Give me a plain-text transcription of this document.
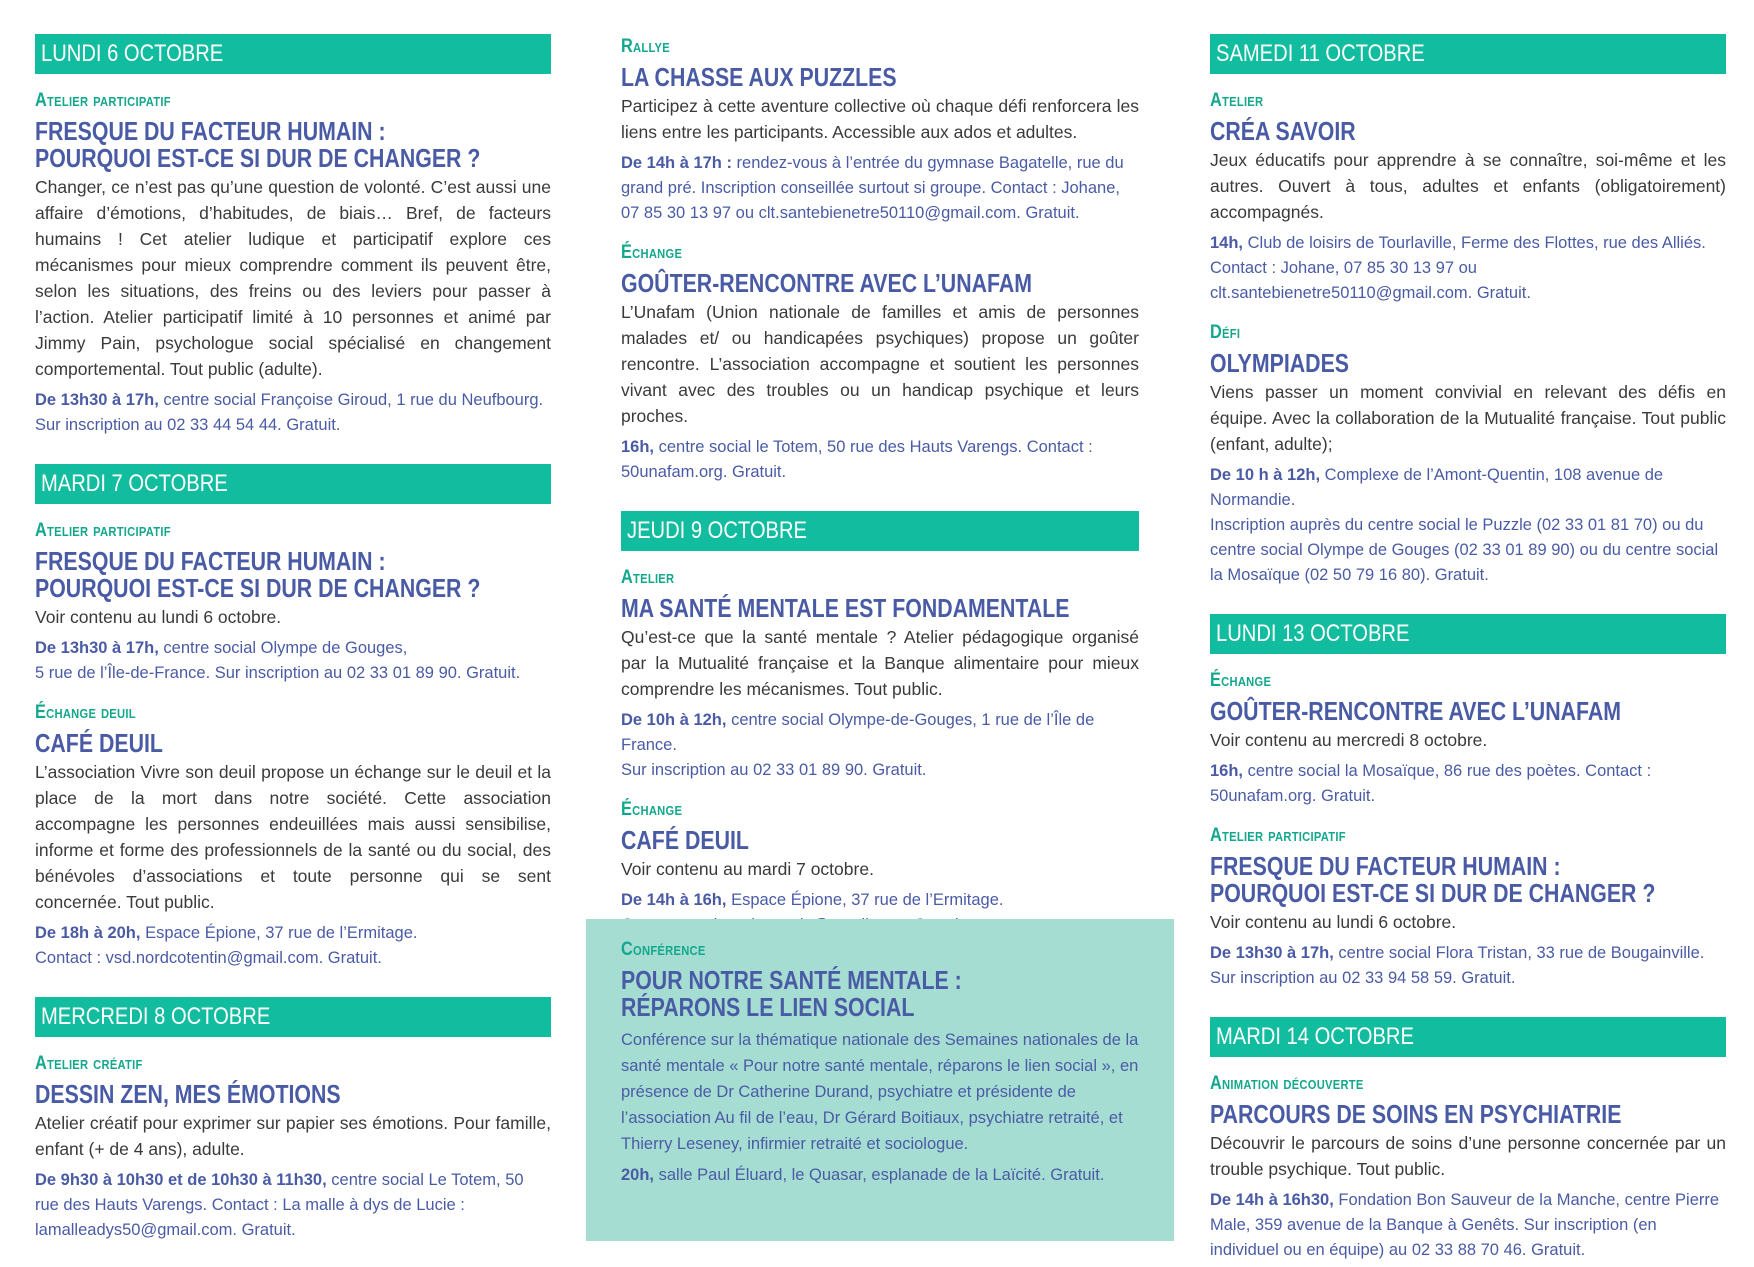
LUNDI 6 OCTOBRE
Atelier participatif
FRESQUE DU FACTEUR HUMAIN :
POURQUOI EST-CE SI DUR DE CHANGER ?

Changer, ce n’est pas qu’une question de volonté. C’est aussi une affaire d’émotions, d’habitudes, de biais… Bref, de facteurs humains ! Cet atelier ludique et participatif explore ces mécanismes pour mieux comprendre comment ils peuvent être, selon les situations, des freins ou des leviers pour passer à l’action. Atelier participatif limité à 10 personnes et animé par Jimmy Pain, psychologue social spécialisé en changement comportemental. Tout public (adulte).

De 13h30 à 17h, centre social Françoise Giroud, 1 rue du Neufbourg.
Sur inscription au 02 33 44 54 44. Gratuit.
MARDI 7 OCTOBRE
Atelier participatif
FRESQUE DU FACTEUR HUMAIN :
POURQUOI EST-CE SI DUR DE CHANGER ?

Voir contenu au lundi 6 octobre.

De 13h30 à 17h, centre social Olympe de Gouges,
5 rue de l’Île-de-France. Sur inscription au 02 33 01 89 90. Gratuit.
Échange deuil
CAFÉ DEUIL

L’association Vivre son deuil propose un échange sur le deuil et la place de la mort dans notre société. Cette association accompagne les personnes endeuillées mais aussi sensibilise, informe et forme des professionnels de la santé ou du social, des bénévoles d’associations et toute personne qui se sent concernée. Tout public.

De 18h à 20h, Espace Épione, 37 rue de l’Ermitage.
Contact : vsd.nordcotentin@gmail.com. Gratuit.
MERCREDI 8 OCTOBRE
Atelier créatif
DESSIN ZEN, MES ÉMOTIONS

Atelier créatif pour exprimer sur papier ses émotions. Pour famille, enfant (+ de 4 ans), adulte.

De 9h30 à 10h30 et de 10h30 à 11h30, centre social Le Totem, 50 rue des Hauts Varengs. Contact : La malle à dys de Lucie : lamalleadys50@gmail.com. Gratuit.
Rallye
LA CHASSE AUX PUZZLES

Participez à cette aventure collective où chaque défi renforcera les liens entre les participants. Accessible aux ados et adultes.

De 14h à 17h : rendez-vous à l’entrée du gymnase Bagatelle, rue du grand pré. Inscription conseillée surtout si groupe. Contact : Johane, 07 85 30 13 97 ou clt.santebienetre50110@gmail.com. Gratuit.
Échange
GOÛTER-RENCONTRE AVEC L’UNAFAM

L’Unafam (Union nationale de familles et amis de personnes malades et/ ou handicapées psychiques) propose un goûter rencontre. L’association accompagne et soutient les personnes vivant avec des troubles ou un handicap psychique et leurs proches.

16h, centre social le Totem, 50 rue des Hauts Varengs. Contact : 50unafam.org. Gratuit.
JEUDI 9 OCTOBRE
Atelier
MA SANTÉ MENTALE EST FONDAMENTALE

Qu’est-ce que la santé mentale ? Atelier pédagogique organisé par la Mutualité française et la Banque alimentaire pour mieux comprendre les mécanismes. Tout public.

De 10h à 12h, centre social Olympe-de-Gouges, 1 rue de l’Île de France.
Sur inscription au 02 33 01 89 90. Gratuit.
Échange
CAFÉ DEUIL

Voir contenu au mardi 7 octobre.

De 14h à 16h, Espace Épione, 37 rue de l’Ermitage.

Conférence
POUR NOTRE SANTÉ MENTALE :
RÉPARONS LE LIEN SOCIAL
Conférence sur la thématique nationale des Semaines nationales de la santé mentale « Pour notre santé mentale, réparons le lien social », en présence de Dr Catherine Durand, psychiatre et présidente de l’association Au fil de l’eau, Dr Gérard Boitiaux, psychiatre retraité, et Thierry Leseney, infirmier retraité et sociologue.
20h, salle Paul Éluard, le Quasar, esplanade de la Laïcité. Gratuit.
SAMEDI 11 OCTOBRE
Atelier
CRÉA SAVOIR

Jeux éducatifs pour apprendre à se connaître, soi-même et les autres. Ouvert à tous, adultes et enfants (obligatoirement) accompagnés.

14h, Club de loisirs de Tourlaville, Ferme des Flottes, rue des Alliés.
Contact : Johane, 07 85 30 13 97 ou clt.santebienetre50110@gmail.com. Gratuit.
Défi
OLYMPIADES

Viens passer un moment convivial en relevant des défis en équipe. Avec la collaboration de la Mutualité française. Tout public (enfant, adulte);

De 10 h à 12h, Complexe de l’Amont-Quentin, 108 avenue de Normandie.
Inscription auprès du centre social le Puzzle (02 33 01 81 70) ou du centre social Olympe de Gouges (02 33 01 89 90) ou du centre social la Mosaïque (02 50 79 16 80). Gratuit.
LUNDI 13 OCTOBRE
Échange
GOÛTER-RENCONTRE AVEC L’UNAFAM

Voir contenu au mercredi 8 octobre.

16h, centre social la Mosaïque, 86 rue des poètes. Contact : 50unafam.org. Gratuit.
Atelier participatif
FRESQUE DU FACTEUR HUMAIN :
POURQUOI EST-CE SI DUR DE CHANGER ?

Voir contenu au lundi 6 octobre.

De 13h30 à 17h, centre social Flora Tristan, 33 rue de Bougainville.
Sur inscription au 02 33 94 58 59. Gratuit.
MARDI 14 OCTOBRE
Animation découverte
PARCOURS DE SOINS EN PSYCHIATRIE

Découvrir le parcours de soins d’une personne concernée par un trouble psychique. Tout public.

De 14h à 16h30, Fondation Bon Sauveur de la Manche, centre Pierre Male, 359 avenue de la Banque à Genêts. Sur inscription (en individuel ou en équipe) au 02 33 88 70 46. Gratuit.
